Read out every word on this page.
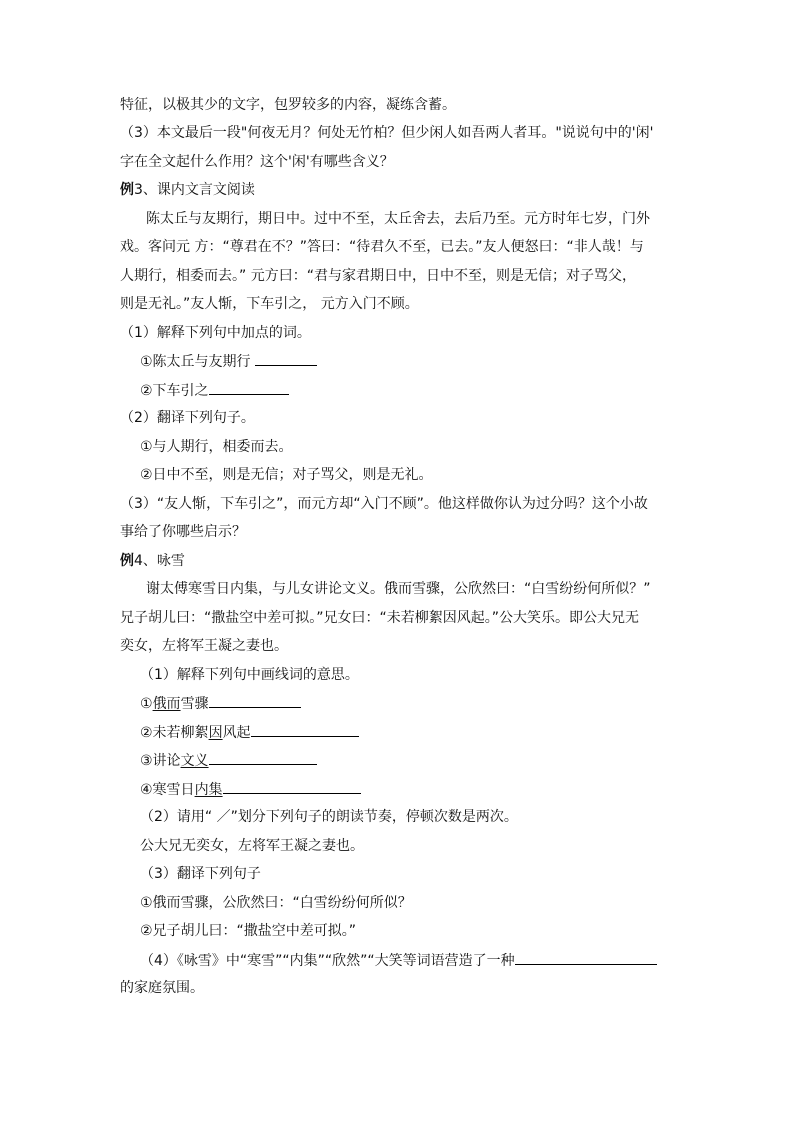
特征，以极其少的文字，包罗较多的内容，凝练含蓄。
（3）本文最后一段"何夜无月？何处无竹柏？但少闲人如吾两人者耳。"说说句中的'闲'
字在全文起什么作用？这个'闲'有哪些含义？
例3、课内文言文阅读
陈太丘与友期行，期日中。过中不至，太丘舍去，去后乃至。元方时年七岁，门外
戏。客问元 方：“尊君在不？”答曰：“待君久不至，已去。”友人便怒曰：“非人哉！与
人期行，相委而去。” 元方曰：“君与家君期日中，日中不至，则是无信；对子骂父，
则是无礼。”友人惭，下车引之， 元方入门不顾。
（1）解释下列句中加点的词。
①陈太丘与友期行
②下车引之
（2）翻译下列句子。
①与人期行，相委而去。
②日中不至，则是无信；对子骂父，则是无礼。
（3）“友人惭，下车引之”，而元方却“入门不顾”。他这样做你认为过分吗？这个小故
事给了你哪些启示？
例4、咏雪
谢太傅寒雪日内集，与儿女讲论文义。俄而雪骤，公欣然曰：“白雪纷纷何所似？”
兄子胡儿曰：“撒盐空中差可拟。”兄女曰：“未若柳絮因风起。”公大笑乐。即公大兄无
奕女，左将军王凝之妻也。
（1）解释下列句中画线词的意思。
①俄而雪骤
②未若柳絮因风起
③讲论文义
④寒雪日内集
（2）请用“ ／”划分下列句子的朗读节奏，停顿次数是两次。
公大兄无奕女，左将军王凝之妻也。
（3）翻译下列句子
①俄而雪骤，公欣然曰：“白雪纷纷何所似？
②兄子胡儿曰：“撒盐空中差可拟。”
（4）《咏雪》中“寒雪”“内集”“欣然”“大笑等词语营造了一种
的家庭氛围。
